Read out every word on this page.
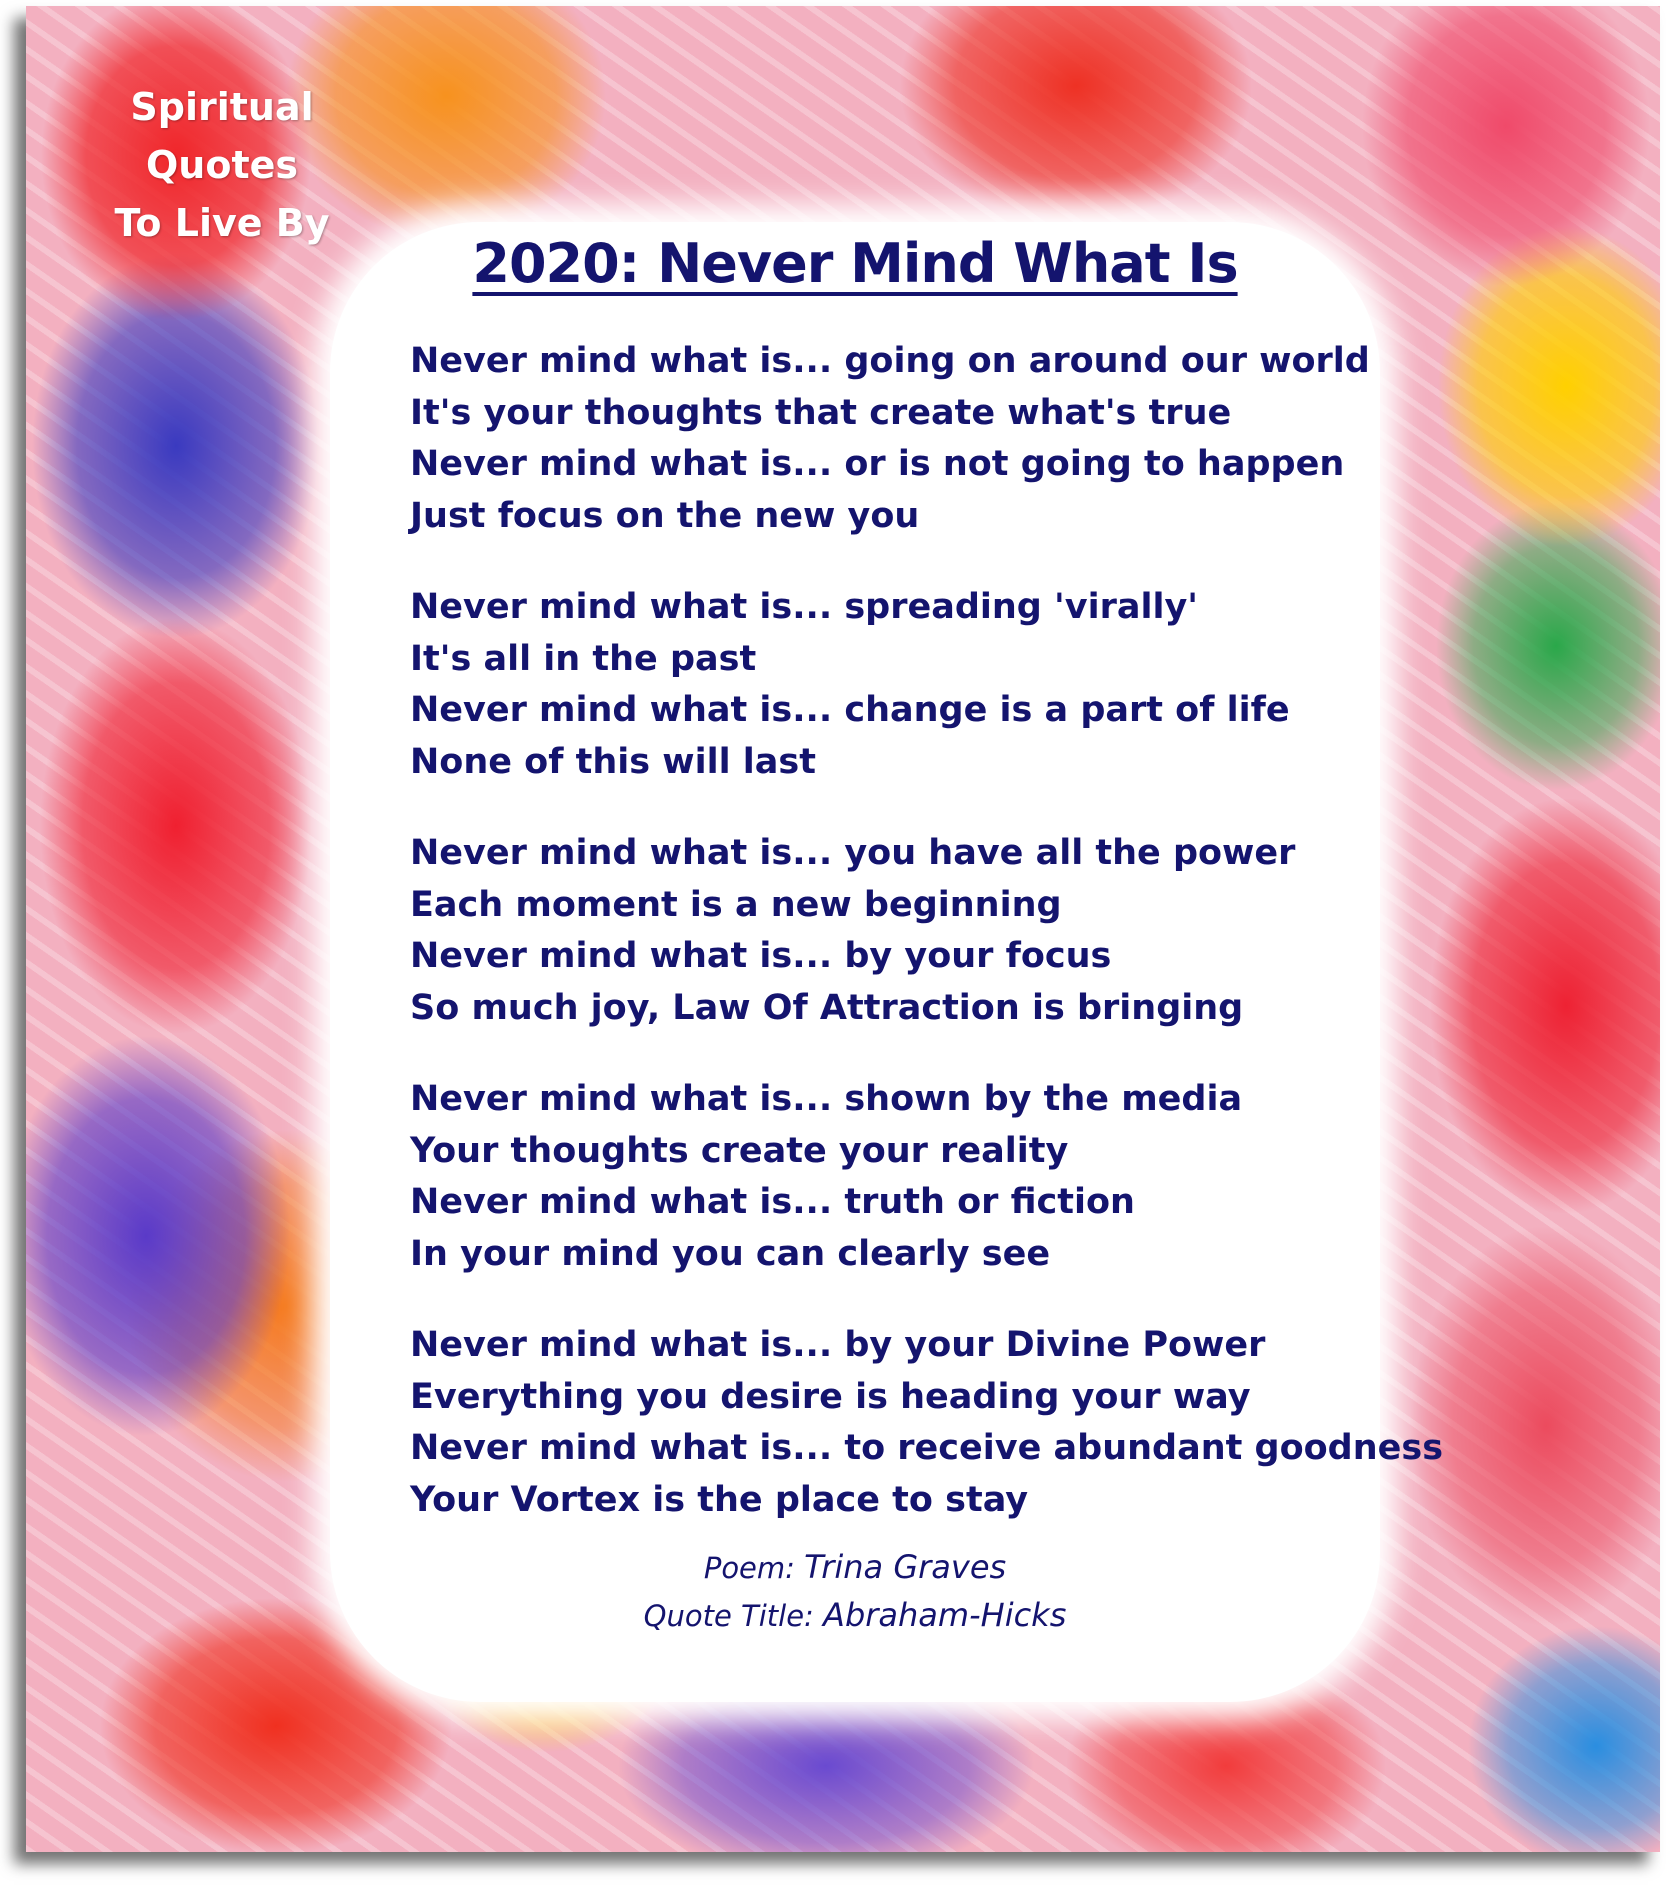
Spiritual Quotes
To Live By
2020: Never Mind What Is
Never mind what is... going on around our world
It's your thoughts that create what's true
Never mind what is... or is not going to happen
Just focus on the new you
Never mind what is... spreading 'virally'
It's all in the past
Never mind what is... change is a part of life
None of this will last
Never mind what is... you have all the power
Each moment is a new beginning
Never mind what is... by your focus
So much joy, Law Of Attraction is bringing
Never mind what is... shown by the media
Your thoughts create your reality
Never mind what is... truth or fiction
In your mind you can clearly see
Never mind what is... by your Divine Power
Everything you desire is heading your way
Never mind what is... to receive abundant goodness
Your Vortex is the place to stay
Poem: Trina Graves
Quote Title: Abraham-Hicks
